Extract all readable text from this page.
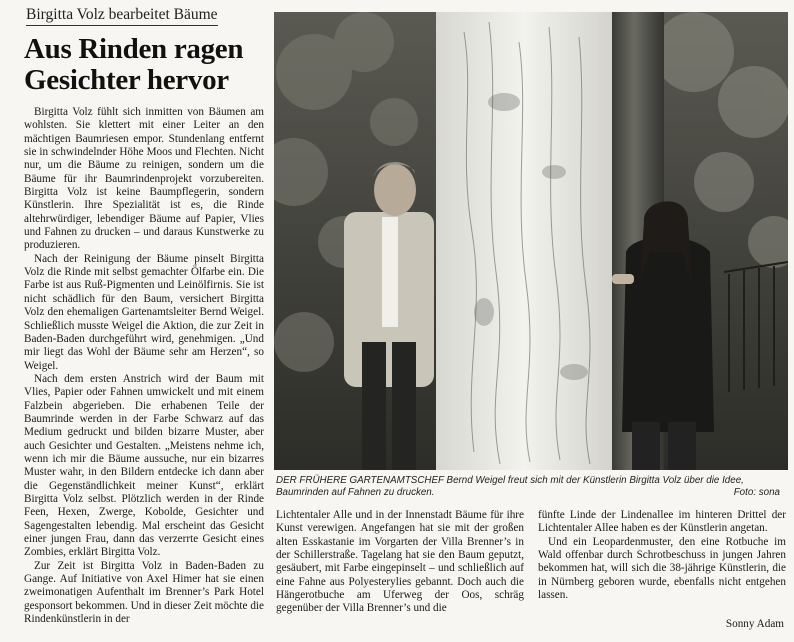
Birgitta Volz bearbeitet Bäume
Aus Rinden ragen
Gesichter hervor

Birgitta Volz fühlt sich inmitten von Bäumen am wohlsten. Sie klettert mit einer Leiter an den mächtigen Baumriesen empor. Stundenlang entfernt sie in schwindelnder Höhe Moos und Flechten. Nicht nur, um die Bäume zu reinigen, sondern um die Bäume für ihr Baumrindenprojekt vorzubereiten. Birgitta Volz ist keine Baumpflegerin, sondern Künstlerin. Ihre Spezialität ist es, die Rinde altehrwürdiger, lebendiger Bäume auf Papier, Vlies und Fahnen zu drucken – und daraus Kunstwerke zu produzieren.

Nach der Reinigung der Bäume pinselt Birgitta Volz die Rinde mit selbst gemachter Ölfarbe ein. Die Farbe ist aus Ruß-Pigmenten und Leinölfirnis. Sie ist nicht schädlich für den Baum, versichert Birgitta Volz den ehemaligen Gartenamtsleiter Bernd Weigel. Schließlich musste Weigel die Aktion, die zur Zeit in Baden-Baden durchgeführt wird, genehmigen. „Und mir liegt das Wohl der Bäume sehr am Herzen“, so Weigel.

Nach dem ersten Anstrich wird der Baum mit Vlies, Papier oder Fahnen umwickelt und mit einem Falzbein abgerieben. Die erhabenen Teile der Baumrinde werden in der Farbe Schwarz auf das Medium gedruckt und bilden bizarre Muster, aber auch Gesichter und Gestalten. „Meistens nehme ich, wenn ich mir die Bäume aussuche, nur ein bizarres Muster wahr, in den Bildern entdecke ich dann aber die Gegenständlichkeit meiner Kunst“, erklärt Birgitta Volz selbst. Plötzlich werden in der Rinde Feen, Hexen, Zwerge, Kobolde, Gesichter und Sagengestalten lebendig. Mal erscheint das Gesicht einer jungen Frau, dann das verzerrte Gesicht eines Zombies, erklärt Birgitta Volz.

Zur Zeit ist Birgitta Volz in Baden-Baden zu Gange. Auf Initiative von Axel Himer hat sie einen zweimonatigen Aufenthalt im Brenner’s Park Hotel gesponsort bekommen. Und in dieser Zeit möchte die Rindenkünstlerin in der

DER FRÜHERE GARTENAMTSCHEF Bernd Weigel freut sich mit der Künstlerin Birgitta Volz über die Idee, Baumrinden auf Fahnen zu drucken.	Foto: sona

Lichtentaler Alle und in der Innenstadt Bäume für ihre Kunst verewigen. Angefangen hat sie mit der großen alten Esskastanie im Vorgarten der Villa Brenner’s in der Schillerstraße. Tagelang hat sie den Baum geputzt, gesäubert, mit Farbe eingepinselt – und schließlich auf eine Fahne aus Polyesterylies gebannt. Doch auch die Hängerotbuche am Uferweg der Oos, schräg gegenüber der Villa Brenner’s und die

fünfte Linde der Lindenallee im hinteren Drittel der Lichtentaler Allee haben es der Künstlerin angetan.

Und ein Leopardenmuster, den eine Rotbuche im Wald offenbar durch Schrotbeschuss in jungen Jahren bekommen hat, will sich die 38-jährige Künstlerin, die in Nürnberg geboren wurde, ebenfalls nicht entgehen lassen.

Sonny Adam
